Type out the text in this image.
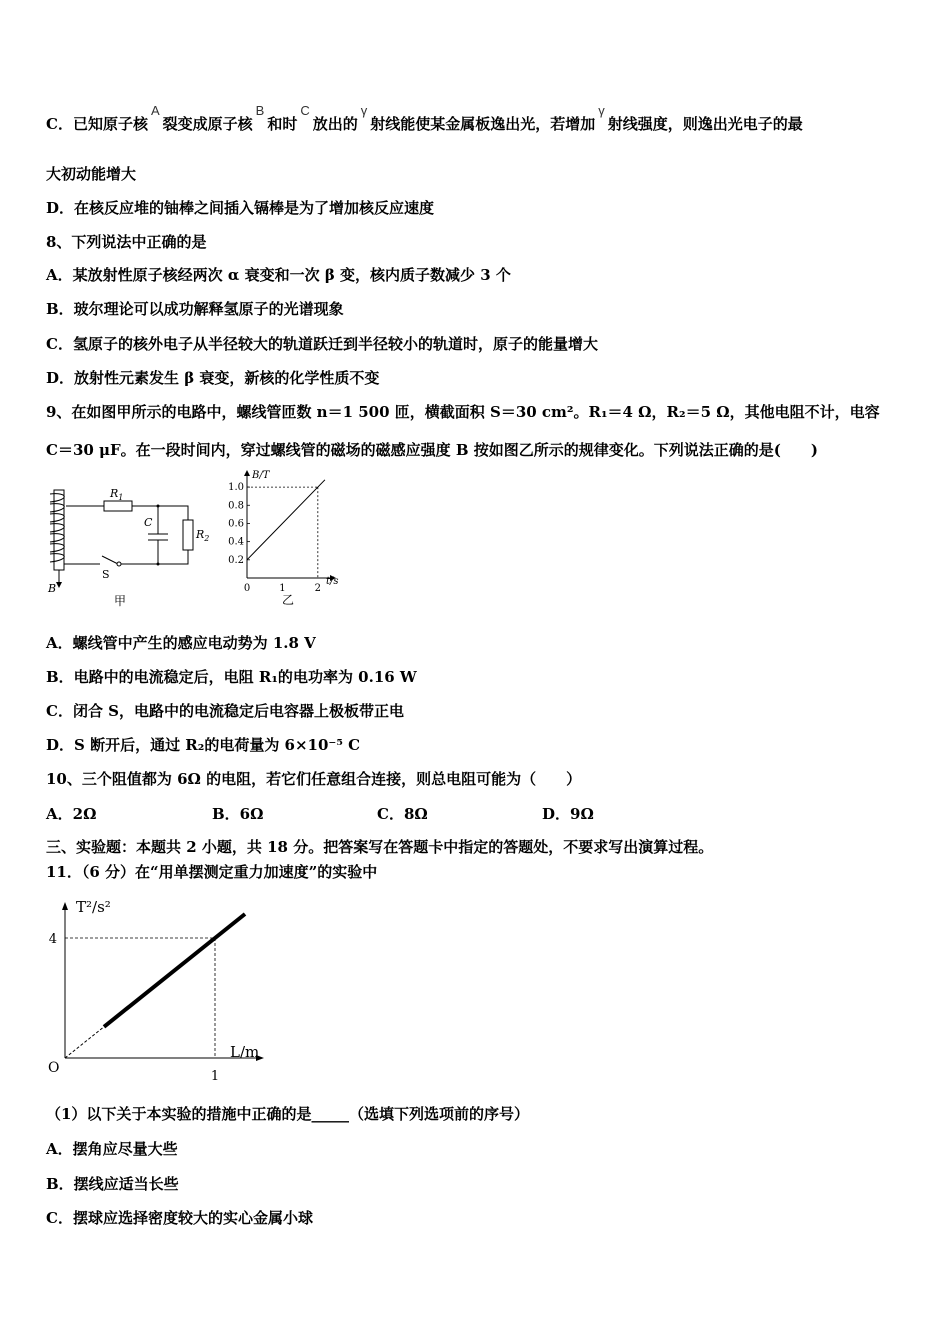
C．已知原子核A裂变成原子核B和时C放出的γ射线能使某金属板逸出光，若增加γ射线强度，则逸出光电子的最
大初动能增大
D．在核反应堆的铀棒之间插入镉棒是为了增加核反应速度
8、下列说法中正确的是
A．某放射性原子核经两次 α 衰变和一次 β 变，核内质子数减少 3 个
B．玻尔理论可以成功解释氢原子的光谱现象
C．氢原子的核外电子从半径较大的轨道跃迁到半径较小的轨道时，原子的能量增大
D．放射性元素发生 β 衰变，新核的化学性质不变
9、在如图甲所示的电路中，螺线管匝数 n＝1 500 匝，横截面积 S＝30 cm²。R₁＝4 Ω，R₂＝5 Ω，其他电阻不计，电容
C＝30 μF。在一段时间内，穿过螺线管的磁场的磁感应强度 B 按如图乙所示的规律变化。下列说法正确的是(　　)
$R_1$
$R_2$
C
S
B
甲
B/T
t/s
1.0
0.8
0.6
0.4
0.2
0	1	2
乙
A．螺线管中产生的感应电动势为 1.8 V
B．电路中的电流稳定后，电阻 R₁的电功率为 0.16 W
C．闭合 S，电路中的电流稳定后电容器上极板带正电
D．S 断开后，通过 R₂的电荷量为 6×10⁻⁵ C
10、三个阻值都为 6Ω 的电阻，若它们任意组合连接，则总电阻可能为（　　）
A．2Ω	B．6Ω	C．8Ω	D．9Ω
三、实验题：本题共 2 小题，共 18 分。把答案写在答题卡中指定的答题处，不要求写出演算过程。
11．（6 分）在“用单摆测定重力加速度”的实验中
T²/s²
L/m
O
4
1
（1）以下关于本实验的措施中正确的是_____（选填下列选项前的序号）
A．摆角应尽量大些
B．摆线应适当长些
C．摆球应选择密度较大的实心金属小球
